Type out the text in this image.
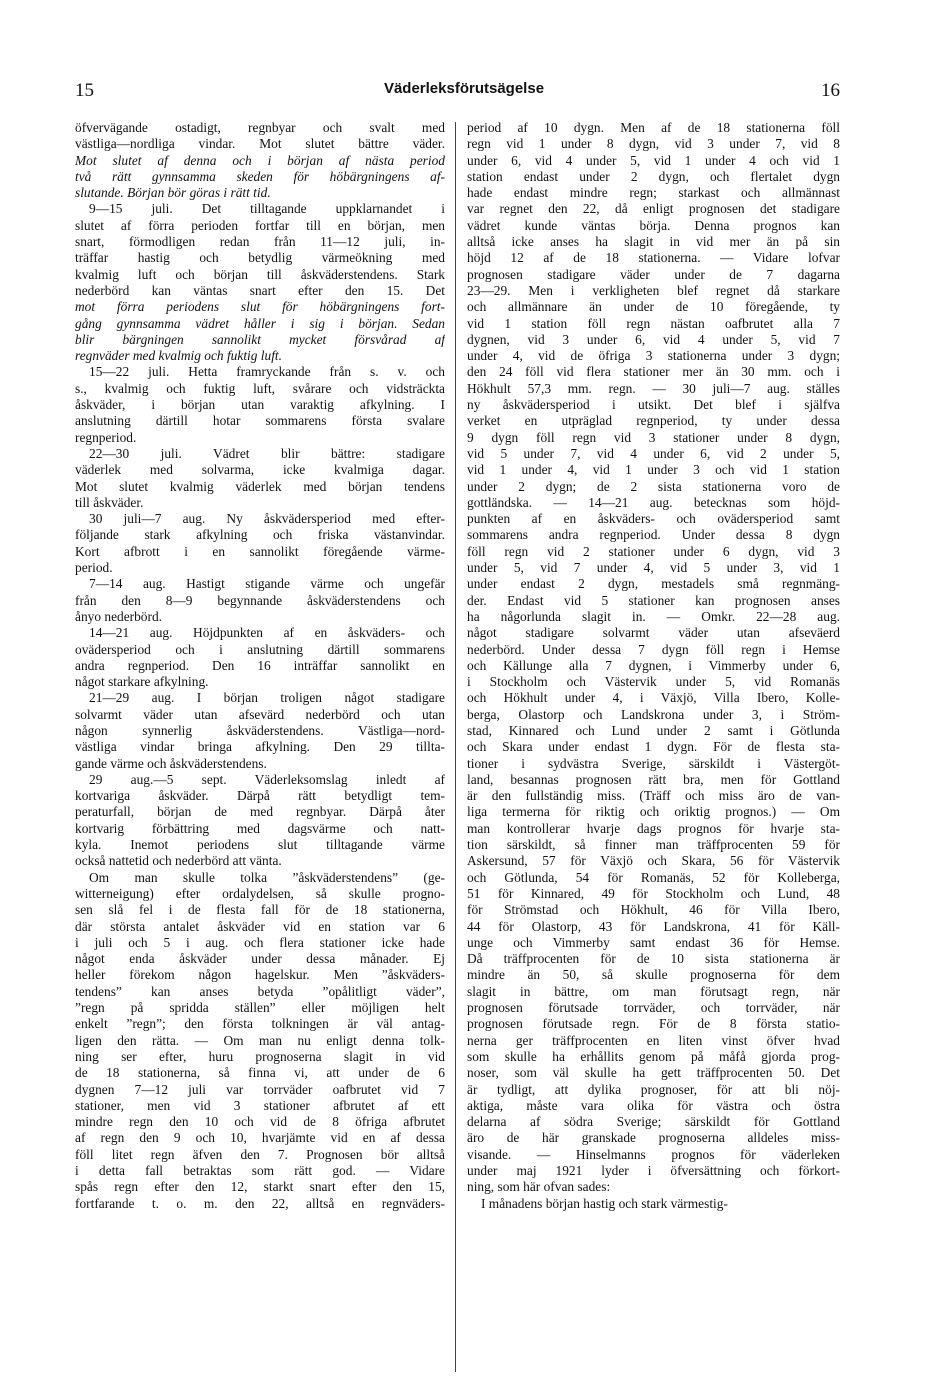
15	Väderleksförutsägelse	16
öfvervägande ostadigt, regnbyar och svalt med
västliga—nordliga vindar. Mot slutet bättre väder.
Mot slutet af denna och i början af nästa period
två rätt gynnsamma skeden för höbärgningens af-
slutande. Början bör göras i rätt tid.
9—15 juli. Det tilltagande uppklarnandet i
slutet af förra perioden fortfar till en början, men
snart, förmodligen redan från 11—12 juli, in-
träffar hastig och betydlig värmeökning med
kvalmig luft och början till åskväderstendens. Stark
nederbörd kan väntas snart efter den 15. Det
mot förra periodens slut för höbärgningens fort-
gång gynnsamma vädret håller i sig i början. Sedan
blir bärgningen sannolikt mycket försvårad af
regnväder med kvalmig och fuktig luft.
15—22 juli. Hetta framryckande från s. v. och
s., kvalmig och fuktig luft, svårare och vidsträckta
åskväder, i början utan varaktig afkylning. I
anslutning därtill hotar sommarens första svalare
regnperiod.
22—30 juli. Vädret blir bättre: stadigare
väderlek med solvarma, icke kvalmiga dagar.
Mot slutet kvalmig väderlek med början tendens
till åskväder.
30 juli—7 aug. Ny åskvädersperiod med efter-
följande stark afkylning och friska västanvindar.
Kort afbrott i en sannolikt föregående värme-
period.
7—14 aug. Hastigt stigande värme och ungefär
från den 8—9 begynnande åskväderstendens och
ånyo nederbörd.
14—21 aug. Höjdpunkten af en åskväders- och
ovädersperiod och i anslutning därtill sommarens
andra regnperiod. Den 16 inträffar sannolikt en
något starkare afkylning.
21—29 aug. I början troligen något stadigare
solvarmt väder utan afsevärd nederbörd och utan
någon synnerlig åskväderstendens. Västliga—nord-
västliga vindar bringa afkylning. Den 29 tillta-
gande värme och åskväderstendens.
29 aug.—5 sept. Väderleksomslag inledt af
kortvariga åskväder. Därpå rätt betydligt tem-
peraturfall, början de med regnbyar. Därpå åter
kortvarig förbättring med dagsvärme och natt-
kyla. Inemot periodens slut tilltagande värme
också nattetid och nederbörd att vänta.
Om man skulle tolka ”åskväderstendens” (ge-
witterneigung) efter ordalydelsen, så skulle progno-
sen slå fel i de flesta fall för de 18 stationerna,
där största antalet åskväder vid en station var 6
i juli och 5 i aug. och flera stationer icke hade
något enda åskväder under dessa månader. Ej
heller förekom någon hagelskur. Men ”åskväders-
tendens” kan anses betyda ”opålitligt väder”,
”regn på spridda ställen” eller möjligen helt
enkelt ”regn”; den första tolkningen är väl antag-
ligen den rätta. — Om man nu enligt denna tolk-
ning ser efter, huru prognoserna slagit in vid
de 18 stationerna, så finna vi, att under de 6
dygnen 7—12 juli var torrväder oafbrutet vid 7
stationer, men vid 3 stationer afbrutet af ett
mindre regn den 10 och vid de 8 öfriga afbrutet
af regn den 9 och 10, hvarjämte vid en af dessa
föll litet regn äfven den 7. Prognosen bör alltså
i detta fall betraktas som rätt god. — Vidare
spås regn efter den 12, starkt snart efter den 15,
fortfarande t. o. m. den 22, alltså en regnväders-
period af 10 dygn. Men af de 18 stationerna föll
regn vid 1 under 8 dygn, vid 3 under 7, vid 8
under 6, vid 4 under 5, vid 1 under 4 och vid 1
station endast under 2 dygn, och flertalet dygn
hade endast mindre regn; starkast och allmännast
var regnet den 22, då enligt prognosen det stadigare
vädret kunde väntas börja. Denna prognos kan
alltså icke anses ha slagit in vid mer än på sin
höjd 12 af de 18 stationerna. — Vidare lofvar
prognosen stadigare väder under de 7 dagarna
23—29. Men i verkligheten blef regnet då starkare
och allmännare än under de 10 föregående, ty
vid 1 station föll regn nästan oafbrutet alla 7
dygnen, vid 3 under 6, vid 4 under 5, vid 7
under 4, vid de öfriga 3 stationerna under 3 dygn;
den 24 föll vid flera stationer mer än 30 mm. och i
Hökhult 57,3 mm. regn. — 30 juli—7 aug. ställes
ny åskvädersperiod i utsikt. Det blef i själfva
verket en utpräglad regnperiod, ty under dessa
9 dygn föll regn vid 3 stationer under 8 dygn,
vid 5 under 7, vid 4 under 6, vid 2 under 5,
vid 1 under 4, vid 1 under 3 och vid 1 station
under 2 dygn; de 2 sista stationerna voro de
gottländska. — 14—21 aug. betecknas som höjd-
punkten af en åskväders- och ovädersperiod samt
sommarens andra regnperiod. Under dessa 8 dygn
föll regn vid 2 stationer under 6 dygn, vid 3
under 5, vid 7 under 4, vid 5 under 3, vid 1
under endast 2 dygn, mestadels små regnmäng-
der. Endast vid 5 stationer kan prognosen anses
ha någorlunda slagit in. — Omkr. 22—28 aug.
något stadigare solvarmt väder utan afseväerd
nederbörd. Under dessa 7 dygn föll regn i Hemse
och Källunge alla 7 dygnen, i Vimmerby under 6,
i Stockholm och Västervik under 5, vid Romanäs
och Hökhult under 4, i Växjö, Villa Ibero, Kolle-
berga, Olastorp och Landskrona under 3, i Ström-
stad, Kinnared och Lund under 2 samt i Götlunda
och Skara under endast 1 dygn. För de flesta sta-
tioner i sydvästra Sverige, särskildt i Västergöt-
land, besannas prognosen rätt bra, men för Gottland
är den fullständig miss. (Träff och miss äro de van-
liga termerna för riktig och oriktig prognos.) — Om
man kontrollerar hvarje dags prognos för hvarje sta-
tion särskildt, så finner man träffprocenten 59 för
Askersund, 57 för Växjö och Skara, 56 för Västervik
och Götlunda, 54 för Romanäs, 52 för Kolleberga,
51 för Kinnared, 49 för Stockholm och Lund, 48
för Strömstad och Hökhult, 46 för Villa Ibero,
44 för Olastorp, 43 för Landskrona, 41 för Käll-
unge och Vimmerby samt endast 36 för Hemse.
Då träffprocenten för de 10 sista stationerna är
mindre än 50, så skulle prognoserna för dem
slagit in bättre, om man förutsagt regn, när
prognosen förutsade torrväder, och torrväder, när
prognosen förutsade regn. För de 8 första statio-
nerna ger träffprocenten en liten vinst öfver hvad
som skulle ha erhållits genom på måfå gjorda prog-
noser, som väl skulle ha gett träffprocenten 50. Det
är tydligt, att dylika prognoser, för att bli nöj-
aktiga, måste vara olika för västra och östra
delarna af södra Sverige; särskildt för Gottland
äro de här granskade prognoserna alldeles miss-
visande. — Hinselmanns prognos för väderleken
under maj 1921 lyder i öfversättning och förkort-
ning, som här ofvan sades:
I månadens början hastig och stark värmestig-
